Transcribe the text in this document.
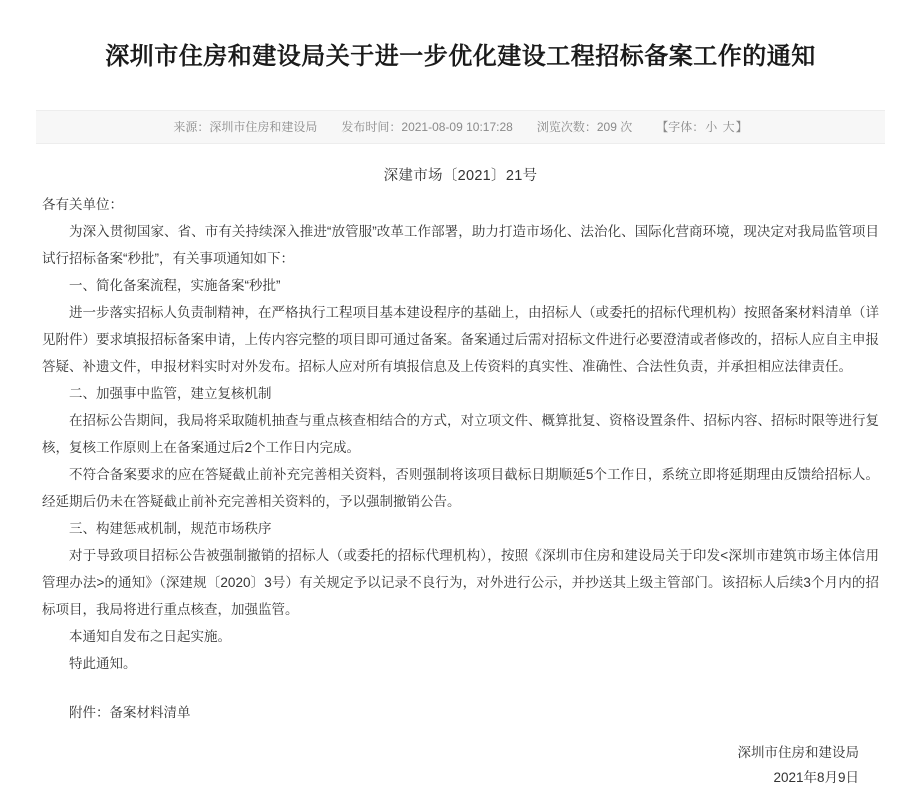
深圳市住房和建设局关于进一步优化建设工程招标备案工作的通知
来源：深圳市住房和建设局	发布时间：2021-08-09 10:17:28	浏览次数：209 次	【字体：小 大】
深建市场〔2021〕21号

各有关单位：

为深入贯彻国家、省、市有关持续深入推进“放管服”改革工作部署，助力打造市场化、法治化、国际化营商环境，现决定对我局监管项目试行招标备案“秒批”，有关事项通知如下：

一、简化备案流程，实施备案“秒批”

进一步落实招标人负责制精神，在严格执行工程项目基本建设程序的基础上，由招标人（或委托的招标代理机构）按照备案材料清单（详见附件）要求填报招标备案申请，上传内容完整的项目即可通过备案。备案通过后需对招标文件进行必要澄清或者修改的，招标人应自主申报答疑、补遗文件，申报材料实时对外发布。招标人应对所有填报信息及上传资料的真实性、准确性、合法性负责，并承担相应法律责任。

二、加强事中监管，建立复核机制

在招标公告期间，我局将采取随机抽查与重点核查相结合的方式，对立项文件、概算批复、资格设置条件、招标内容、招标时限等进行复核，复核工作原则上在备案通过后2个工作日内完成。

不符合备案要求的应在答疑截止前补充完善相关资料，否则强制将该项目截标日期顺延5个工作日，系统立即将延期理由反馈给招标人。经延期后仍未在答疑截止前补充完善相关资料的，予以强制撤销公告。

三、构建惩戒机制，规范市场秩序

对于导致项目招标公告被强制撤销的招标人（或委托的招标代理机构），按照《深圳市住房和建设局关于印发<深圳市建筑市场主体信用管理办法>的通知》（深建规〔2020〕3号）有关规定予以记录不良行为，对外进行公示，并抄送其上级主管部门。该招标人后续3个月内的招标项目，我局将进行重点核查，加强监管。

本通知自发布之日起实施。

特此通知。

附件：备案材料清单

深圳市住房和建设局
2021年8月9日
